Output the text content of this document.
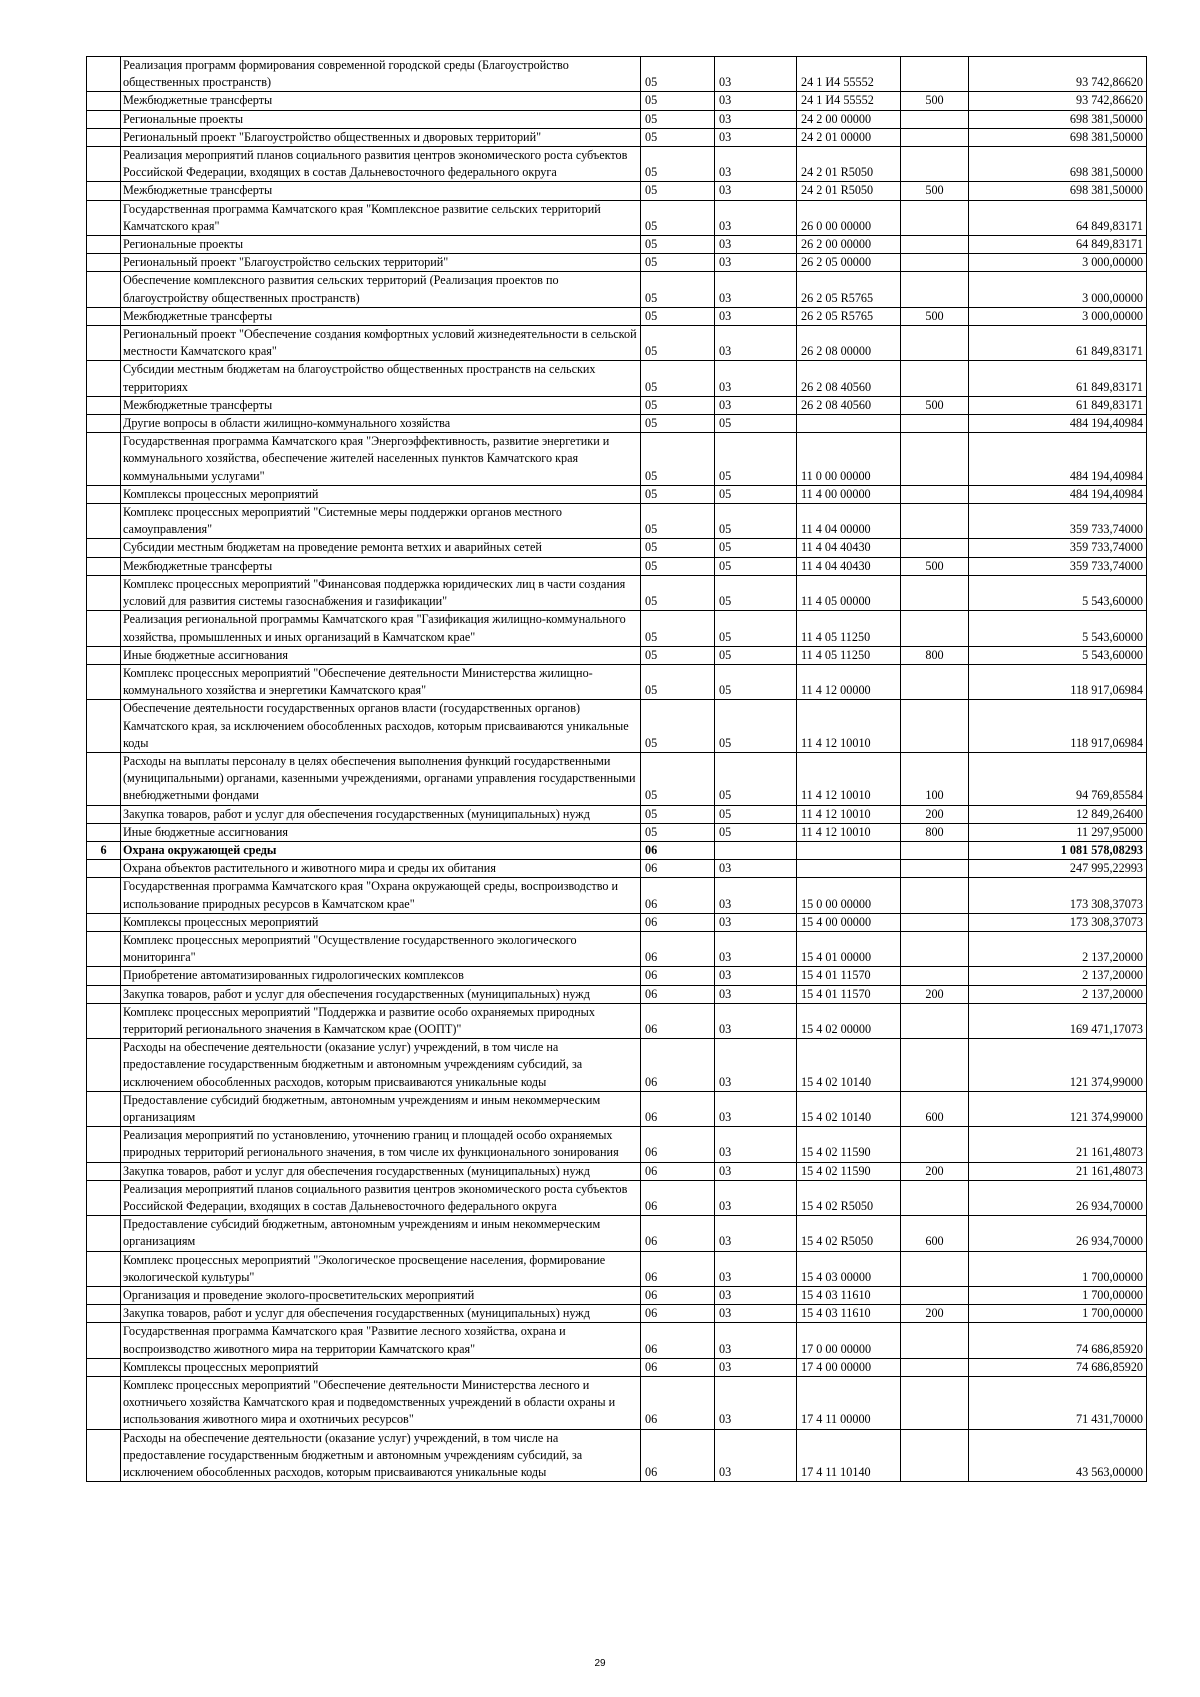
	Реализация программ формирования современной городской среды (Благоустройство общественных пространств)	05	03	24 1 И4 55552		93 742,86620
	Межбюджетные трансферты	05	03	24 1 И4 55552	500	93 742,86620
	Региональные проекты	05	03	24 2 00 00000		698 381,50000
	Региональный проект "Благоустройство общественных и дворовых территорий"	05	03	24 2 01 00000		698 381,50000
	Реализация мероприятий планов социального развития центров экономического роста субъектов Российской Федерации, входящих в состав Дальневосточного федерального округа	05	03	24 2 01 R5050		698 381,50000
	Межбюджетные трансферты	05	03	24 2 01 R5050	500	698 381,50000
	Государственная программа Камчатского края "Комплексное развитие сельских территорий Камчатского края"	05	03	26 0 00 00000		64 849,83171
	Региональные проекты	05	03	26 2 00 00000		64 849,83171
	Региональный проект "Благоустройство сельских территорий"	05	03	26 2 05 00000		3 000,00000
	Обеспечение комплексного развития сельских территорий (Реализация проектов по благоустройству общественных пространств)	05	03	26 2 05 R5765		3 000,00000
	Межбюджетные трансферты	05	03	26 2 05 R5765	500	3 000,00000
	Региональный проект "Обеспечение создания комфортных условий жизнедеятельности в сельской местности Камчатского края"	05	03	26 2 08 00000		61 849,83171
	Субсидии местным бюджетам на благоустройство общественных пространств на сельских территориях	05	03	26 2 08 40560		61 849,83171
	Межбюджетные трансферты	05	03	26 2 08 40560	500	61 849,83171
	Другие вопросы в области жилищно-коммунального хозяйства	05	05			484 194,40984
	Государственная программа Камчатского края "Энергоэффективность, развитие энергетики и коммунального хозяйства, обеспечение жителей населенных пунктов Камчатского края коммунальными услугами"	05	05	11 0 00 00000		484 194,40984
	Комплексы процессных мероприятий	05	05	11 4 00 00000		484 194,40984
	Комплекс процессных мероприятий "Системные меры поддержки органов местного самоуправления"	05	05	11 4 04 00000		359 733,74000
	Субсидии местным бюджетам на проведение ремонта ветхих и аварийных сетей	05	05	11 4 04 40430		359 733,74000
	Межбюджетные трансферты	05	05	11 4 04 40430	500	359 733,74000
	Комплекс процессных мероприятий "Финансовая поддержка юридических лиц в части создания условий для развития системы газоснабжения и газификации"	05	05	11 4 05 00000		5 543,60000
	Реализация региональной программы Камчатского края "Газификация жилищно-коммунального хозяйства, промышленных и иных организаций в Камчатском крае"	05	05	11 4 05 11250		5 543,60000
	Иные бюджетные ассигнования	05	05	11 4 05 11250	800	5 543,60000
	Комплекс процессных мероприятий "Обеспечение деятельности Министерства жилищно-коммунального хозяйства и энергетики Камчатского края"	05	05	11 4 12 00000		118 917,06984
	Обеспечение деятельности государственных органов власти (государственных органов) Камчатского края, за исключением обособленных расходов, которым присваиваются уникальные коды	05	05	11 4 12 10010		118 917,06984
	Расходы на выплаты персоналу в целях обеспечения выполнения функций государственными (муниципальными) органами, казенными учреждениями, органами управления государственными внебюджетными фондами	05	05	11 4 12 10010	100	94 769,85584
	Закупка товаров, работ и услуг для обеспечения государственных (муниципальных) нужд	05	05	11 4 12 10010	200	12 849,26400
	Иные бюджетные ассигнования	05	05	11 4 12 10010	800	11 297,95000
6	Охрана окружающей среды	06				1 081 578,08293
	Охрана объектов растительного и животного мира и среды их обитания	06	03			247 995,22993
	Государственная программа Камчатского края "Охрана окружающей среды, воспроизводство и использование природных ресурсов в Камчатском крае"	06	03	15 0 00 00000		173 308,37073
	Комплексы процессных мероприятий	06	03	15 4 00 00000		173 308,37073
	Комплекс процессных мероприятий "Осуществление государственного экологического мониторинга"	06	03	15 4 01 00000		2 137,20000
	Приобретение автоматизированных гидрологических комплексов	06	03	15 4 01 11570		2 137,20000
	Закупка товаров, работ и услуг для обеспечения государственных (муниципальных) нужд	06	03	15 4 01 11570	200	2 137,20000
	Комплекс процессных мероприятий "Поддержка и развитие особо охраняемых природных территорий регионального значения в Камчатском крае (ООПТ)"	06	03	15 4 02 00000		169 471,17073
	Расходы на обеспечение деятельности (оказание услуг) учреждений, в том числе на предоставление государственным бюджетным и автономным учреждениям субсидий, за исключением обособленных расходов, которым присваиваются уникальные коды	06	03	15 4 02 10140		121 374,99000
	Предоставление субсидий бюджетным, автономным учреждениям и иным некоммерческим организациям	06	03	15 4 02 10140	600	121 374,99000
	Реализация мероприятий по установлению, уточнению границ и площадей особо охраняемых природных территорий регионального значения, в том числе их функционального зонирования	06	03	15 4 02 11590		21 161,48073
	Закупка товаров, работ и услуг для обеспечения государственных (муниципальных) нужд	06	03	15 4 02 11590	200	21 161,48073
	Реализация мероприятий планов социального развития центров экономического роста субъектов Российской Федерации, входящих в состав Дальневосточного федерального округа	06	03	15 4 02 R5050		26 934,70000
	Предоставление субсидий бюджетным, автономным учреждениям и иным некоммерческим организациям	06	03	15 4 02 R5050	600	26 934,70000
	Комплекс процессных мероприятий "Экологическое просвещение населения, формирование экологической культуры"	06	03	15 4 03 00000		1 700,00000
	Организация и проведение эколого-просветительских мероприятий	06	03	15 4 03 11610		1 700,00000
	Закупка товаров, работ и услуг для обеспечения государственных (муниципальных) нужд	06	03	15 4 03 11610	200	1 700,00000
	Государственная программа Камчатского края "Развитие лесного хозяйства, охрана и воспроизводство животного мира на территории Камчатского края"	06	03	17 0 00 00000		74 686,85920
	Комплексы процессных мероприятий	06	03	17 4 00 00000		74 686,85920
	Комплекс процессных мероприятий "Обеспечение деятельности Министерства лесного и охотничьего хозяйства Камчатского края и подведомственных учреждений в области охраны и использования животного мира и охотничьих ресурсов"	06	03	17 4 11 00000		71 431,70000
	Расходы на обеспечение деятельности (оказание услуг) учреждений, в том числе на предоставление государственным бюджетным и автономным учреждениям субсидий, за исключением обособленных расходов, которым присваиваются уникальные коды	06	03	17 4 11 10140		43 563,00000
29
